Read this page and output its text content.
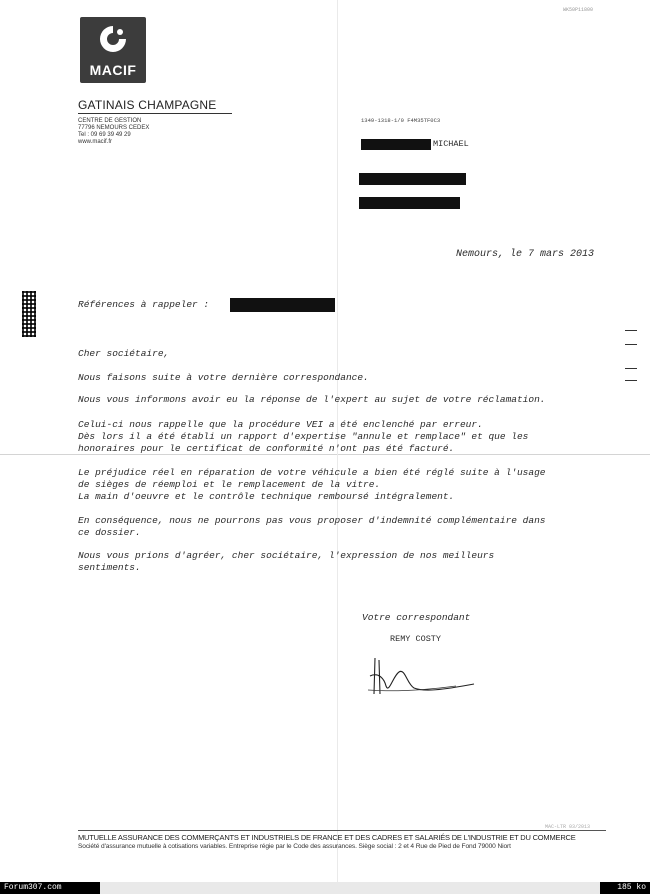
WK50P11800
MACIF
GATINAIS CHAMPAGNE
CENTRE DE GESTION
77796 NEMOURS CEDEX
Tel : 09 69 39 49 29
www.macif.fr
1349-1318-1/0 F4M35TF0C3
MICHAEL
Nemours, le 7 mars 2013
Références à rappeler :
Cher sociétaire,
Nous faisons suite à votre dernière correspondance.
Nous vous informons avoir eu la réponse de l'expert au sujet de votre réclamation.
Celui-ci nous rappelle que la procédure VEI a été enclenché par erreur.
Dès lors il a été établi un rapport d'expertise "annule et remplace" et que les
honoraires pour le certificat de conformité n'ont pas été facturé.
Le préjudice réel en réparation de votre véhicule a bien été réglé suite à l'usage
de sièges de réemploi et le remplacement de la vitre.
La main d'oeuvre et le contrôle technique remboursé intégralement.
En conséquence, nous ne pourrons pas vous proposer d'indemnité complémentaire dans
ce dossier.
Nous vous prions d'agréer, cher sociétaire, l'expression de nos meilleurs
sentiments.
Votre correspondant
REMY COSTY
MAC-LTR 03/2013
MUTUELLE ASSURANCE DES COMMERÇANTS ET INDUSTRIELS DE FRANCE ET DES CADRES ET SALARIÉS DE L'INDUSTRIE ET DU COMMERCE
Société d'assurance mutuelle à cotisations variables. Entreprise régie par le Code des assurances. Siège social : 2 et 4 Rue de Pied de Fond 79000 Niort
Forum307.com	185 ko
